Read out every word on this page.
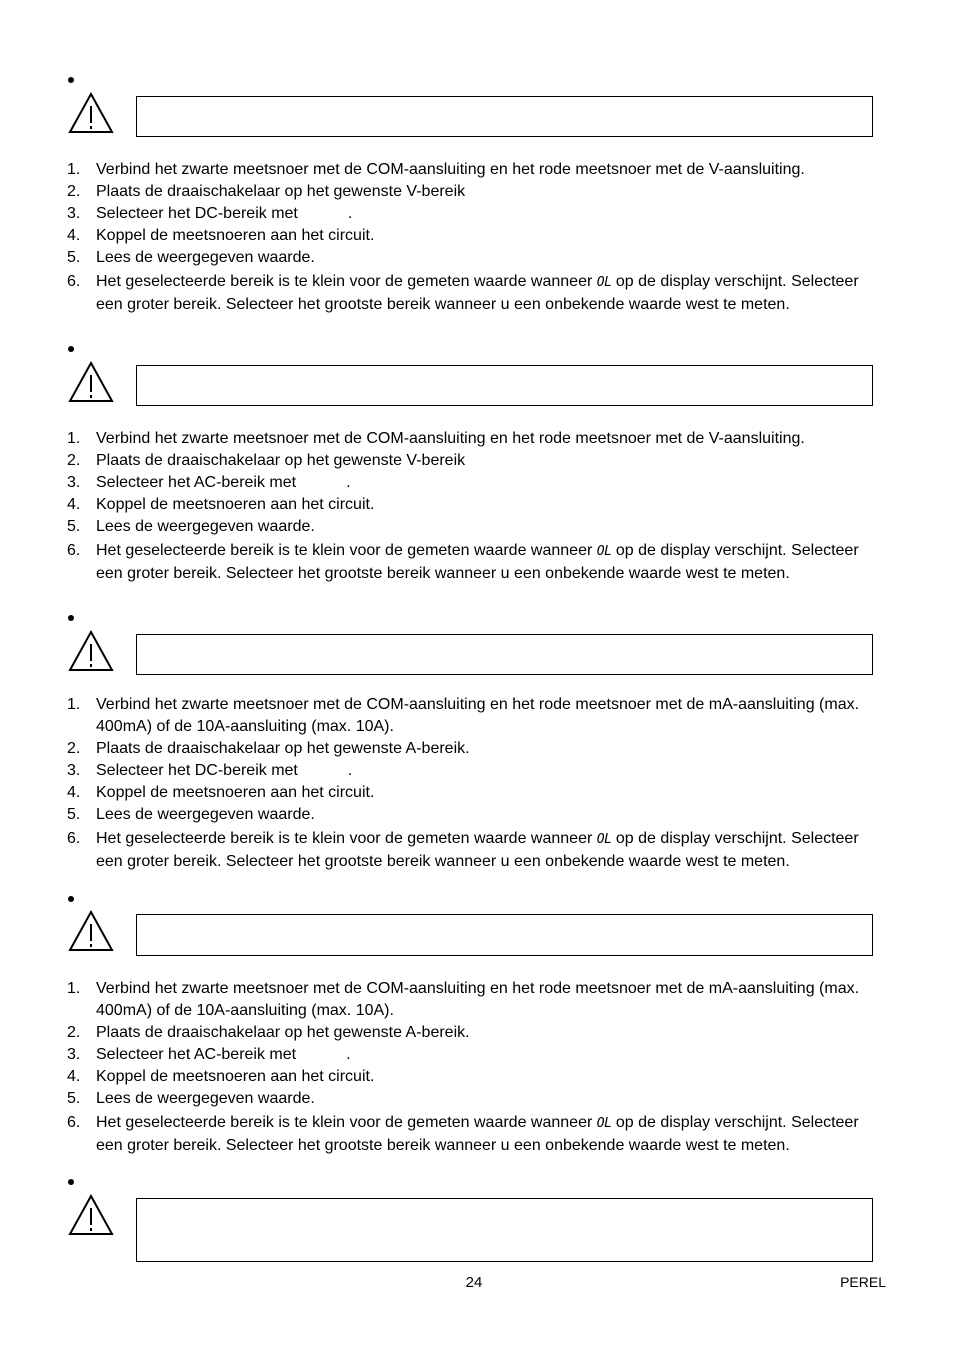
1. Verbind het zwarte meetsnoer met de COM-aansluiting en het rode meetsnoer met de V-aansluiting.
2. Plaats de draaischakelaar op het gewenste V-bereik
3. Selecteer het DC-bereik met	.
4. Koppel de meetsnoeren aan het circuit.
5. Lees de weergegeven waarde.
6. Het geselecteerde bereik is te klein voor de gemeten waarde wanneer OL op de display verschijnt. Selecteer een groter bereik. Selecteer het grootste bereik wanneer u een onbekende waarde west te meten.
1. Verbind het zwarte meetsnoer met de COM-aansluiting en het rode meetsnoer met de V-aansluiting.
2. Plaats de draaischakelaar op het gewenste V-bereik
3. Selecteer het AC-bereik met	.
4. Koppel de meetsnoeren aan het circuit.
5. Lees de weergegeven waarde.
6. Het geselecteerde bereik is te klein voor de gemeten waarde wanneer OL op de display verschijnt. Selecteer een groter bereik. Selecteer het grootste bereik wanneer u een onbekende waarde west te meten.
1. Verbind het zwarte meetsnoer met de COM-aansluiting en het rode meetsnoer met de mA-aansluiting (max. 400mA) of de 10A-aansluiting (max. 10A).
2. Plaats de draaischakelaar op het gewenste A-bereik.
3. Selecteer het DC-bereik met	.
4. Koppel de meetsnoeren aan het circuit.
5. Lees de weergegeven waarde.
6. Het geselecteerde bereik is te klein voor de gemeten waarde wanneer OL op de display verschijnt. Selecteer een groter bereik. Selecteer het grootste bereik wanneer u een onbekende waarde west te meten.
1. Verbind het zwarte meetsnoer met de COM-aansluiting en het rode meetsnoer met de mA-aansluiting (max. 400mA) of de 10A-aansluiting (max. 10A).
2. Plaats de draaischakelaar op het gewenste A-bereik.
3. Selecteer het AC-bereik met	.
4. Koppel de meetsnoeren aan het circuit.
5. Lees de weergegeven waarde.
6. Het geselecteerde bereik is te klein voor de gemeten waarde wanneer OL op de display verschijnt. Selecteer een groter bereik. Selecteer het grootste bereik wanneer u een onbekende waarde west te meten.
24	PEREL
